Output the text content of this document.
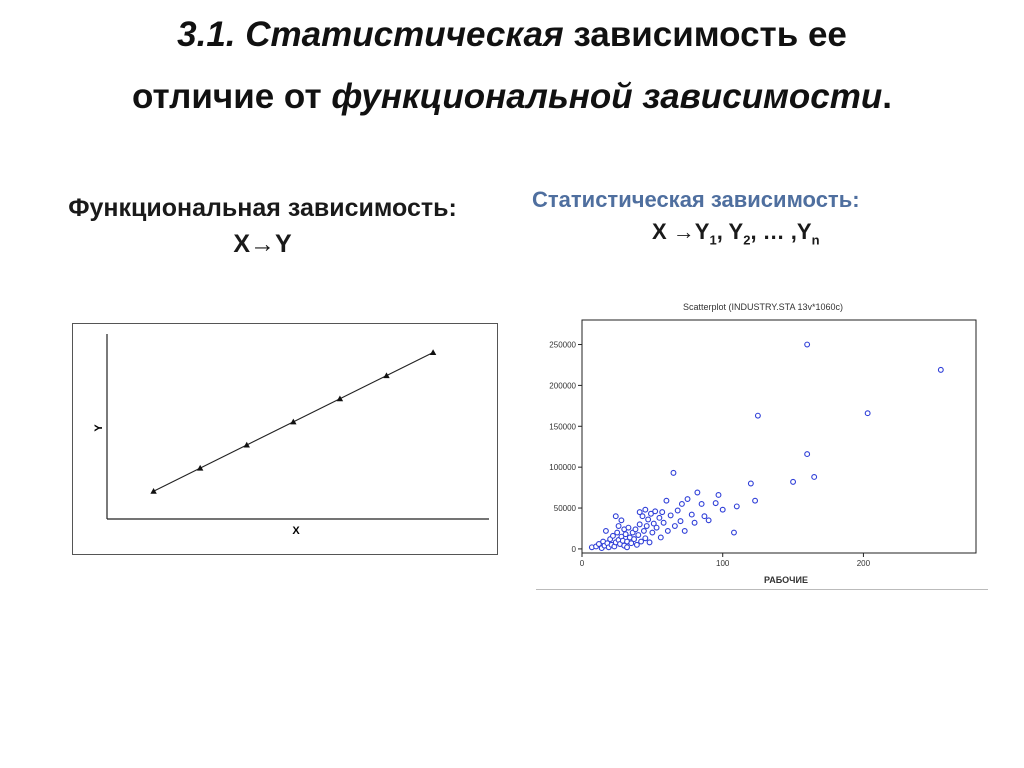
3.1. Статистическая зависимость ее
отличие от функциональной зависимости.
Функциональная зависимость:
X→Y
Статистическая зависимость:
$X \to Y_1$, $Y_2$, … $,Y_n$
Y
X
Scatterplot (INDUSTRY.STA 13v*1060c)
РАБОЧИЕ
0
50000
100000
150000
200000
250000
0	100	200
